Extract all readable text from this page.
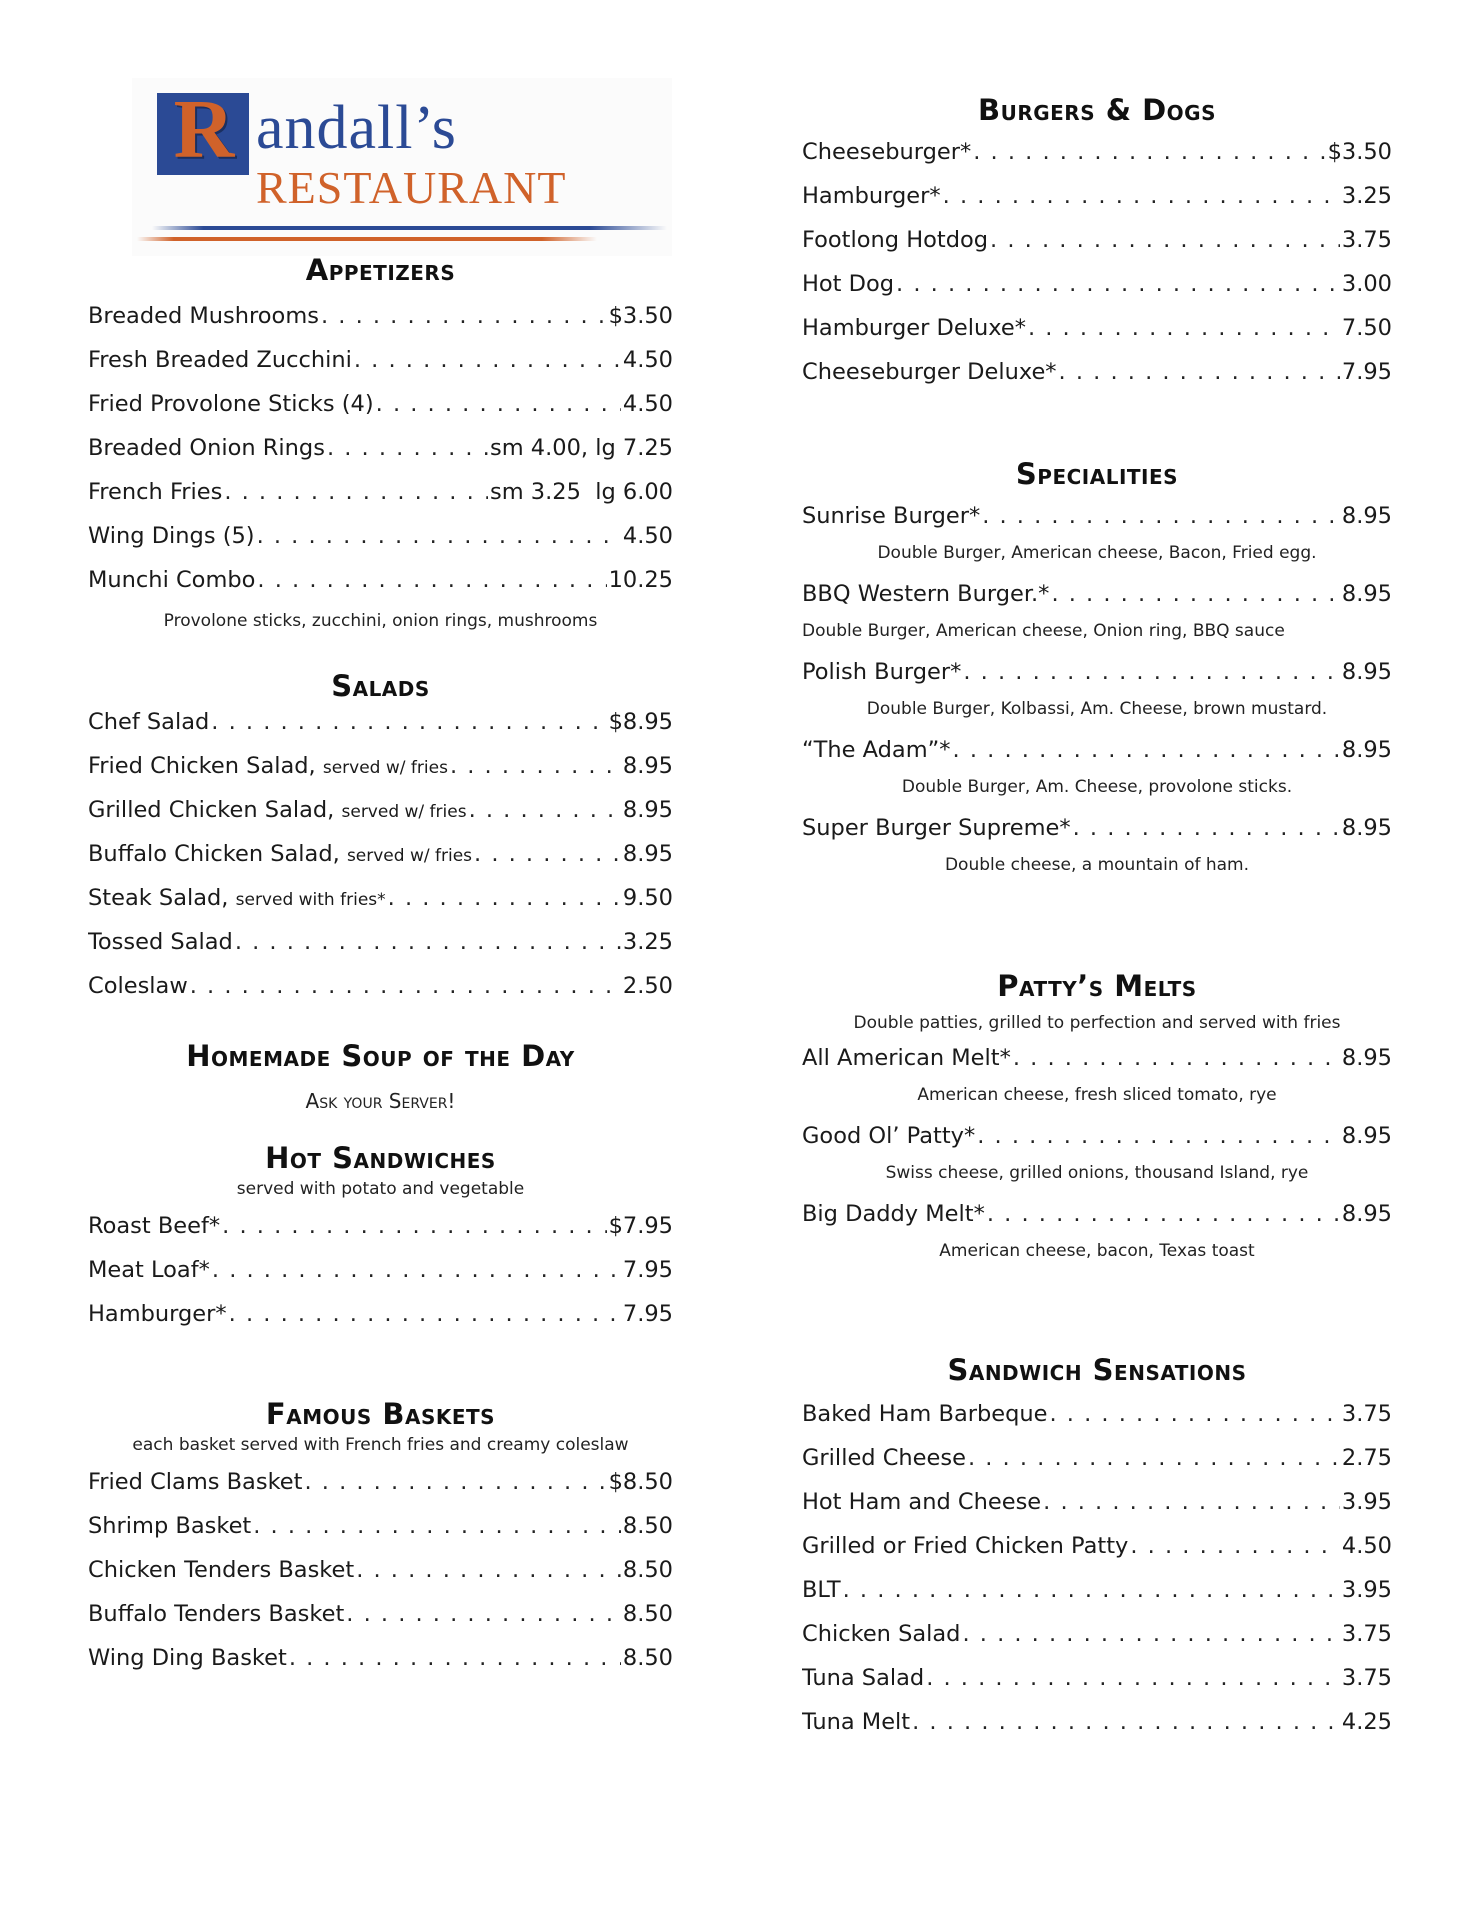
R andall’s
RESTAURANT
Appetizers
Breaded Mushrooms . . .	$3.50
Fresh Breaded Zucchini . . .	4.50
Fried Provolone Sticks (4) . . .	4.50
Breaded Onion Rings . . .	sm 4.00, lg 7.25
French Fries . . .	sm 3.25  lg 6.00
Wing Dings (5) . . .	4.50
Munchi Combo . . .	10.25
Provolone sticks, zucchini, onion rings, mushrooms
Salads
Chef Salad . . .	$8.95
Fried Chicken Salad, served w/ fries . . .	8.95
Grilled Chicken Salad, served w/ fries . . .	8.95
Buffalo Chicken Salad, served w/ fries . . .	8.95
Steak Salad, served with fries* . . .	9.50
Tossed Salad . . .	3.25
Coleslaw . . .	2.50
Homemade Soup of the Day

Ask your Server!

Hot Sandwiches

served with potato and vegetable

Roast Beef* . . .	$7.95
Meat Loaf* . . .	7.95
Hamburger* . . .	7.95
Famous Baskets

each basket served with French fries and creamy coleslaw

Fried Clams Basket . . .	$8.50
Shrimp Basket . . .	8.50
Chicken Tenders Basket . . .	8.50
Buffalo Tenders Basket . . .	8.50
Wing Ding Basket . . .	8.50
Burgers & Dogs
Cheeseburger* . . .	$3.50
Hamburger* . . .	3.25
Footlong Hotdog . . .	3.75
Hot Dog . . .	3.00
Hamburger Deluxe* . . .	7.50
Cheeseburger Deluxe* . . .	7.95
Specialities
Sunrise Burger* . . .	8.95
Double Burger, American cheese, Bacon, Fried egg.
BBQ Western Burger.* . . .	8.95
Double Burger, American cheese, Onion ring, BBQ sauce
Polish Burger* . . .	8.95
Double Burger, Kolbassi, Am. Cheese, brown mustard.
“The Adam”* . . .	8.95
Double Burger, Am. Cheese, provolone sticks.
Super Burger Supreme* . . .	8.95
Double cheese, a mountain of ham.
Patty’s Melts

Double patties, grilled to perfection and served with fries

All American Melt* . . .	8.95
American cheese, fresh sliced tomato, rye
Good Ol’ Patty* . . .	8.95
Swiss cheese, grilled onions, thousand Island, rye
Big Daddy Melt* . . .	8.95
American cheese, bacon, Texas toast
Sandwich Sensations
Baked Ham Barbeque . . .	3.75
Grilled Cheese . . .	2.75
Hot Ham and Cheese . . .	3.95
Grilled or Fried Chicken Patty . . .	4.50
BLT . . .	3.95
Chicken Salad . . .	3.75
Tuna Salad . . .	3.75
Tuna Melt . . .	4.25
